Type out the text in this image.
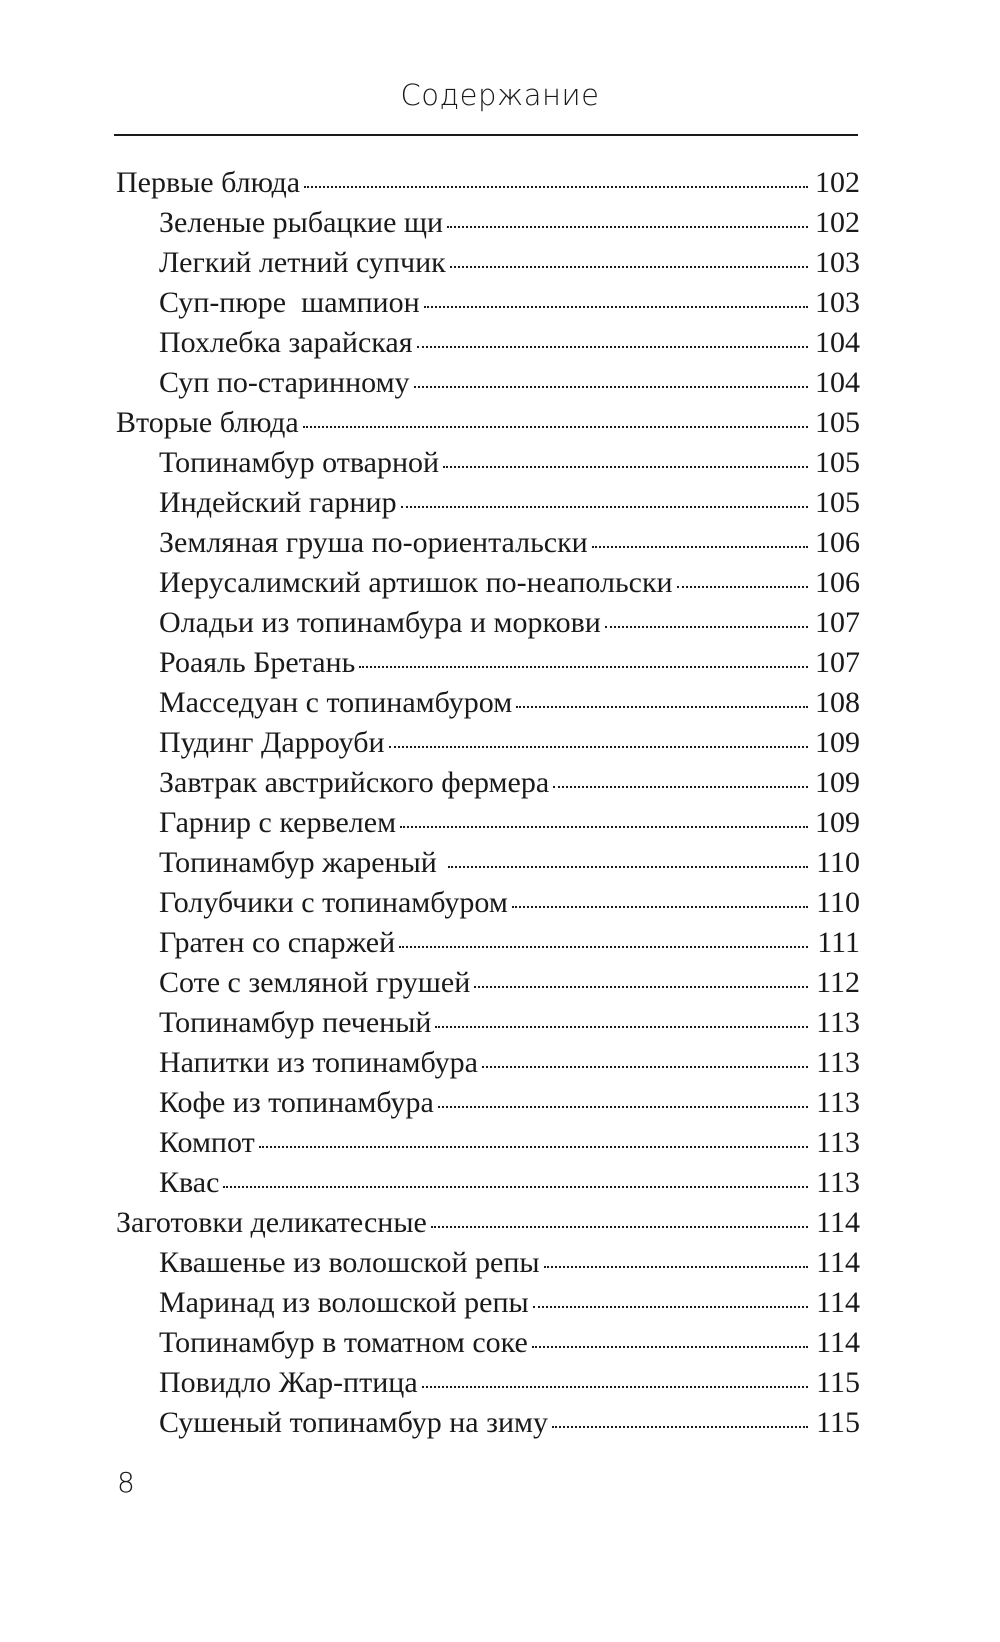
Содержание
Первые блюда	102
Зеленые рыбацкие щи	102
Легкий летний супчик	103
Суп-пюре  шампион	103
Похлебка зарайская	104
Суп по-старинному	104
Вторые блюда	105
Топинамбур отварной	105
Индейский гарнир	105
Земляная груша по-ориентальски	106
Иерусалимский артишок по-неапольски	106
Оладьи из топинамбура и моркови	107
Роаяль Бретань	107
Масседуан с топинамбуром	108
Пудинг Дарроуби	109
Завтрак австрийского фермера	109
Гарнир с кервелем	109
Топинамбур жареный	110
Голубчики с топинамбуром	110
Гратен со спаржей	111
Соте с земляной грушей	112
Топинамбур печеный	113
Напитки из топинамбура	113
Кофе из топинамбура	113
Компот	113
Квас	113
Заготовки деликатесные	114
Квашенье из волошской репы	114
Маринад из волошской репы	114
Топинамбур в томатном соке	114
Повидло Жар-птица	115
Сушеный топинамбур на зиму	115
8
